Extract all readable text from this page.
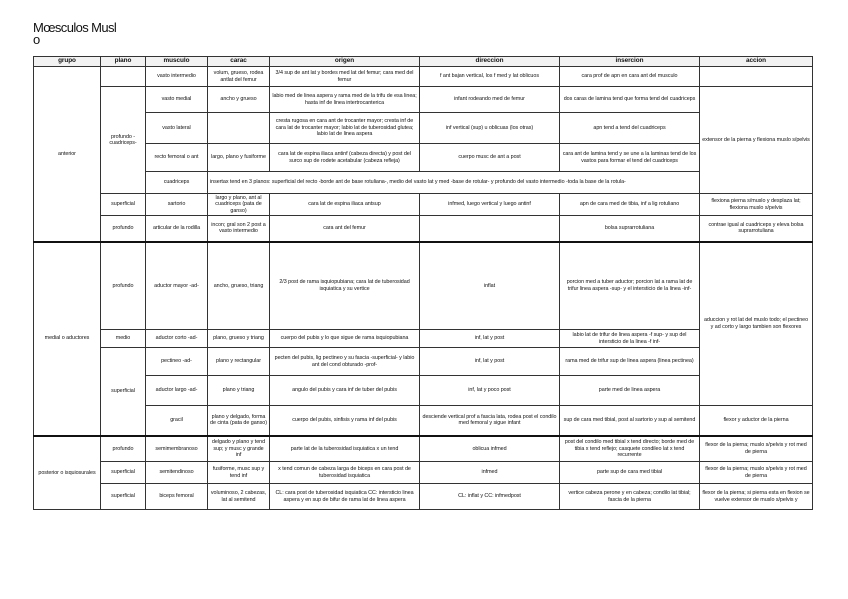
Mœsculos Musl
o
grupo	plano	musculo	carac	origen	direccion	insercion	accion
anterior		vasto intermedio	volum, grueso, rodea antlat del femur	3/4 sup de ant lat y bordes med lat del femur; cara med del femur	f ant bajan vertical, los f med y lat oblicuos	cara prof de apn en cara ant del musculo	
	profundo -cuadriceps-	vasto medial	ancho y grueso	labio med de linea aspera y rama med de la trifu de esa linea; hasta inf de linea intertrocanterica	infant rodeando med de femur	dos caras de lamina tend que forma tend del cuadriceps	extensor de la pierna y flexiona muslo s/pelvis
		vasto lateral		cresta rugosa en cara ant de trocanter mayor; cresta inf de cara lat de trocanter mayor; labio lat de tuberosidad glutea; labio lat de linea aspera	inf vertical (sup) u oblicuas (los otras)	apn tend a tend del cuadriceps	
		recto femoral o ant	largo, plano y fusiforme	cara lat de espina iliaca antinf (cabeza directa) y post del surco sup de rodete acetabular (cabeza refleja)	cuerpo musc de ant a post	cara ant de lamina tend y se une a la laminas tend de los vastos para formar el tend del cuadriceps	
		cuadriceps	insertax tend en 3 planos: superficial del recto -borde ant de base rotuliana-, medio del vasto lat y med -base de rotular- y profundo del vasto intermedio -toda la base de la rotula-				
	superficial	sartorio	largo y plano, ant al cuadriceps (pata de ganso)	cara lat de espina iliaca antsup	infmed, luego vertical y luego antinf	apn de cara med de tibia, inf a lig rotuliano	flexiona pierna s/muslo y desplaza lat; flexiona muslo s/pelvis
	profundo	articular de la rodilla	incon; gral son 2 post a vasto intermedio	cara ant del femur		bolsa suprarrotuliana	contrae igual al cuadriceps y eleva bolsa suprarrotuliana
medial o aductores	profundo	aductor mayor -ad-	ancho, grueso, triang	2/3 post de rama isquiopubiana; cara lat de tuberosidad isquiatica y su vertice	inflat	porcion med a tuber aductor; porcion lat a rama lat de trifur linea aspera -sup- y el intersticio de la linea -inf-	aduccion y rot lat del muslo todo; el pectineo y ad corto y largo tambien son flexores
	medio	aductor corto -ad-	plano, grueso y triang	cuerpo del pubis y lo que sigue de rama isquiopubiana	inf, lat y post	labio lat de trifur de linea aspera -f sup- y sup del intersticio de la linea -f inf-	
	superficial	pectineo -ad-	plano y rectangular	pecten del pubis, lig pectineo y su fascia -superficial- y labio ant del cond obturado -prof-	inf, lat y post	rama med de trifur sup de linea aspera (linea pectinea)	
		aductor largo -ad-	plano y triang	angulo del pubis y cara inf de tuber del pubis	inf, lat y poco post	parte med de linea aspera	
		gracil	plano y delgado, forma de cinta (pata de ganso)	cuerpo del pubis, sinfisis y rama inf del pubis	desciende vertical prof a fascia lata, rodea post el condilo med femoral y sigue infant	sup de cara med tibial, post al sartorio y sup al semitend	flexor y aductor de la pierna
posterior o isquiosurales	profundo	semimembranoso	delgado y plano y tend sup; y musc y grande inf	parte lat de la tuberosidad isquiatica x un tend	oblicua infmed	post del condilo med tibial x tend directo; borde med de tibia x tend reflejo; casquete condileo lat x tend recurrente	flexor de la pierna; muslo s/pelvis y rot med de pierna
	superficial	semitendinoso	fusiforme, musc sup y tend inf	x tend comun de cabeza larga de biceps en cara post de tuberosidad isquiatica	infmed	parte sup de cara med tibial	flexor de la pierna; muslo s/pelvis y rot med de pierna
	superficial	biceps femoral	voluminoso, 2 cabezas, lat al semitend	CL: cara post de tuberosidad isquiatica CC: intersticio linea aspera y en sup de bifur de rama lat de linea aspera	CL: inflat y CC: infmedpost	vertice cabeza perone y en cabeza; condilo lat tibial; fascia de la pierna	flexor de la pierna; si pierna esta en flexion se vuelve extensor de muslo s/pelvis y
